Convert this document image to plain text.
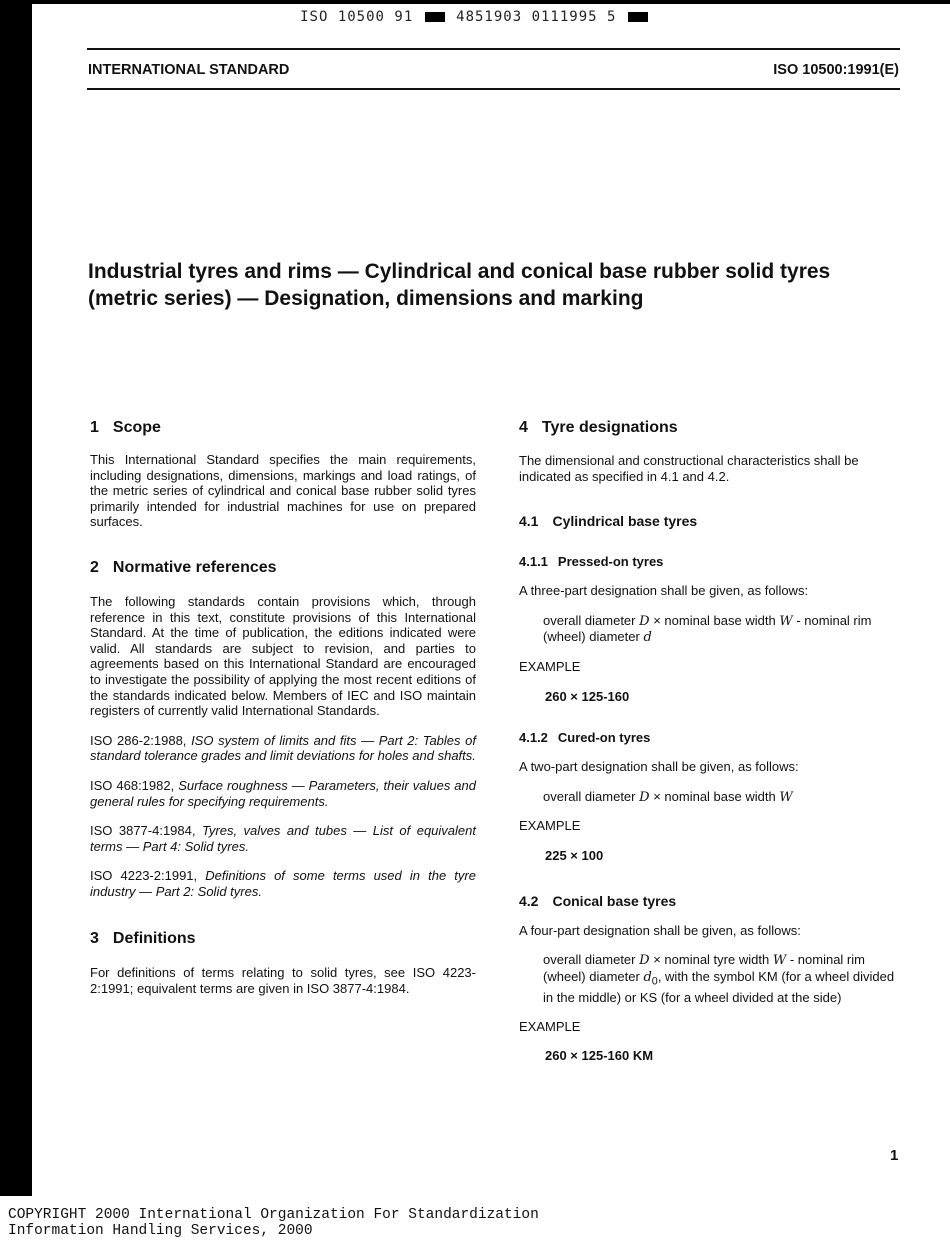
ISO 10500 91	4851903 0111995 5
INTERNATIONAL STANDARD	ISO 10500:1991(E)
Industrial tyres and rims — Cylindrical and conical base rubber solid tyres (metric series) — Designation, dimensions and marking
1 Scope

This International Standard specifies the main requirements, including designations, dimensions, markings and load ratings, of the metric series of cylindrical and conical base rubber solid tyres primarily intended for industrial machines for use on prepared surfaces.

2 Normative references

The following standards contain provisions which, through reference in this text, constitute provisions of this International Standard. At the time of publication, the editions indicated were valid. All standards are subject to revision, and parties to agreements based on this International Standard are encouraged to investigate the possibility of applying the most recent editions of the standards indicated below. Members of IEC and ISO maintain registers of currently valid International Standards.

ISO 286-2:1988, ISO system of limits and fits — Part 2: Tables of standard tolerance grades and limit deviations for holes and shafts.

ISO 468:1982, Surface roughness — Parameters, their values and general rules for specifying requirements.

ISO 3877-4:1984, Tyres, valves and tubes — List of equivalent terms — Part 4: Solid tyres.

ISO 4223-2:1991, Definitions of some terms used in the tyre industry — Part 2: Solid tyres.

3 Definitions

For definitions of terms relating to solid tyres, see ISO 4223-2:1991; equivalent terms are given in ISO 3877-4:1984.

4 Tyre designations

The dimensional and constructional characteristics shall be indicated as specified in 4.1 and 4.2.

4.1 Cylindrical base tyres
4.1.1 Pressed-on tyres

A three-part designation shall be given, as follows:

overall diameter D × nominal base width W - nominal rim (wheel) diameter d

EXAMPLE

260 × 125-160

4.1.2 Cured-on tyres

A two-part designation shall be given, as follows:

overall diameter D × nominal base width W

EXAMPLE

225 × 100

4.2 Conical base tyres

A four-part designation shall be given, as follows:

overall diameter D × nominal tyre width W - nominal rim (wheel) diameter $d_0$, with the symbol KM (for a wheel divided in the middle) or KS (for a wheel divided at the side)

EXAMPLE

260 × 125-160 KM

1
COPYRIGHT 2000 International Organization For Standardization
Information Handling Services, 2000
